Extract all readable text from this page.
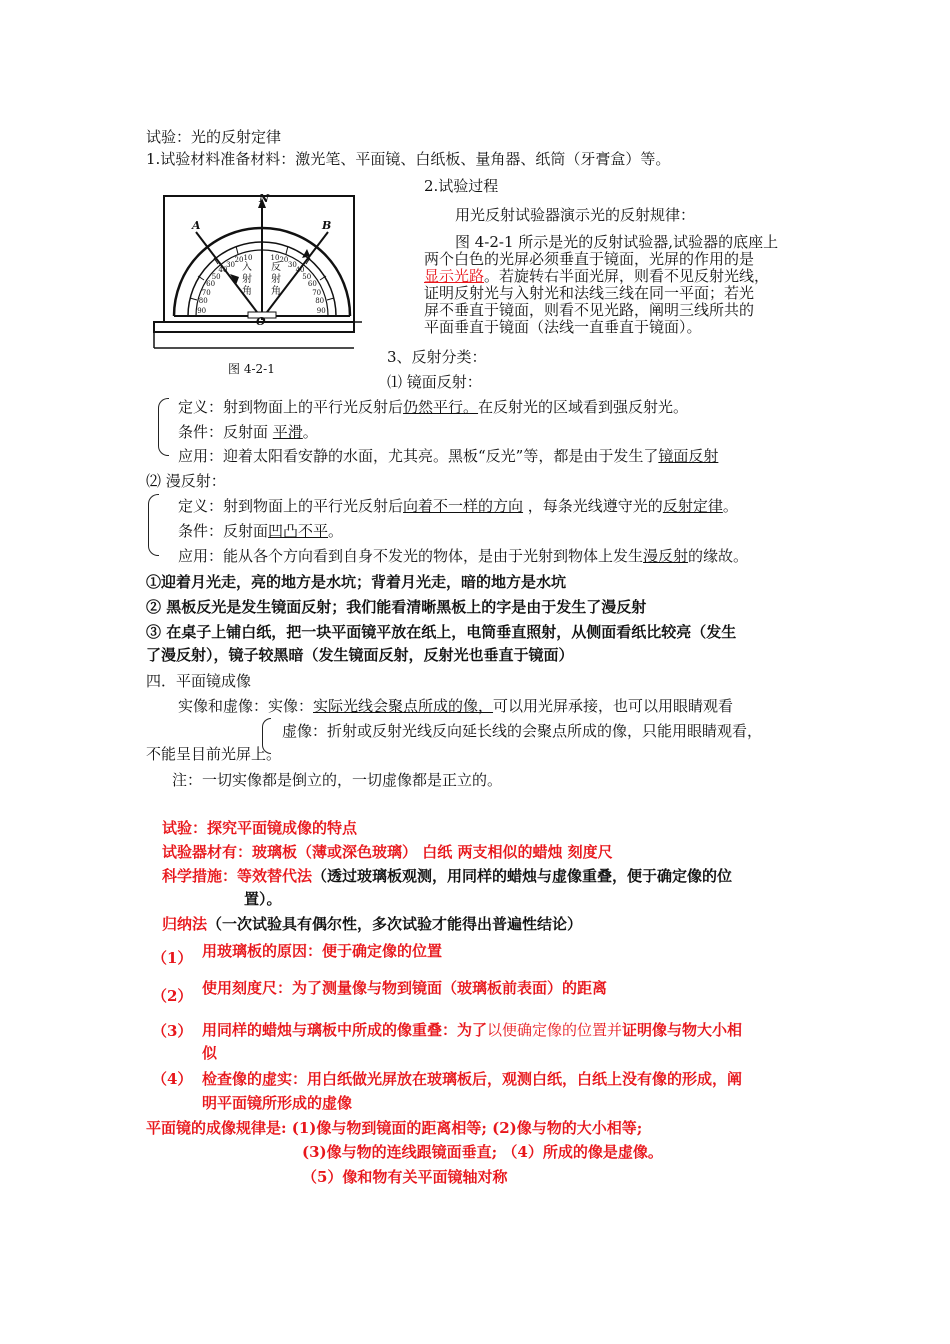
试验：光的反射定律
1.试验材料准备材料：激光笔、平面镜、白纸板、量角器、纸筒（牙膏盒）等。
N
A	B
O
入射角
反射角
10
20
30
40
50
60
70
80
90
10 20
30
40
50
60
70
80
90
图 4-2-1
2.试验过程
用光反射试验器演示光的反射规律：
图 4-2-1 所示是光的反射试验器,试验器的底座上
两个白色的光屏必须垂直于镜面，光屏的作用的是
显示光路。若旋转右半面光屏，则看不见反射光线，
证明反射光与入射光和法线三线在同一平面；若光
屏不垂直于镜面，则看不见光路，阐明三线所共的
平面垂直于镜面（法线一直垂直于镜面）。
3、反射分类：
⑴ 镜面反射：
定义：射到物面上的平行光反射后仍然平行。在反射光的区域看到强反射光。
条件：反射面 平滑。
应用：迎着太阳看安静的水面，尤其亮。黑板“反光”等，都是由于发生了镜面反射
⑵ 漫反射：
定义：射到物面上的平行光反射后向着不一样的方向 ，每条光线遵守光的反射定律。
条件：反射面凹凸不平。
应用：能从各个方向看到自身不发光的物体，是由于光射到物体上发生漫反射的缘故。
①迎着月光走，亮的地方是水坑；背着月光走，暗的地方是水坑
② 黑板反光是发生镜面反射；我们能看清晰黑板上的字是由于发生了漫反射
③ 在桌子上铺白纸，把一块平面镜平放在纸上，电筒垂直照射，从侧面看纸比较亮（发生
了漫反射），镜子较黑暗（发生镜面反射，反射光也垂直于镜面）
四．平面镜成像
实像和虚像：实像：实际光线会聚点所成的像，可以用光屏承接，也可以用眼睛观看
虚像：折射或反射光线反向延长线的会聚点所成的像，只能用眼睛观看，
不能呈目前光屏上。
注：一切实像都是倒立的，一切虚像都是正立的。
试验：探究平面镜成像的特点
试验器材有：玻璃板（薄或深色玻璃） 白纸 两支相似的蜡烛 刻度尺
科学措施：等效替代法（透过玻璃板观测，用同样的蜡烛与虚像重叠，便于确定像的位
置）。
归纳法（一次试验具有偶尔性，多次试验才能得出普遍性结论）
（1） 用玻璃板的原因：便于确定像的位置
（2） 使用刻度尺：为了测量像与物到镜面（玻璃板前表面）的距离
（3） 用同样的蜡烛与璃板中所成的像重叠：为了以便确定像的位置并证明像与物大小相
似
（4） 检查像的虚实：用白纸做光屏放在玻璃板后，观测白纸，白纸上没有像的形成，阐
明平面镜所形成的虚像
平面镜的成像规律是: (1)像与物到镜面的距离相等; (2)像与物的大小相等;
(3)像与物的连线跟镜面垂直; （4）所成的像是虚像。
（5）像和物有关平面镜轴对称
